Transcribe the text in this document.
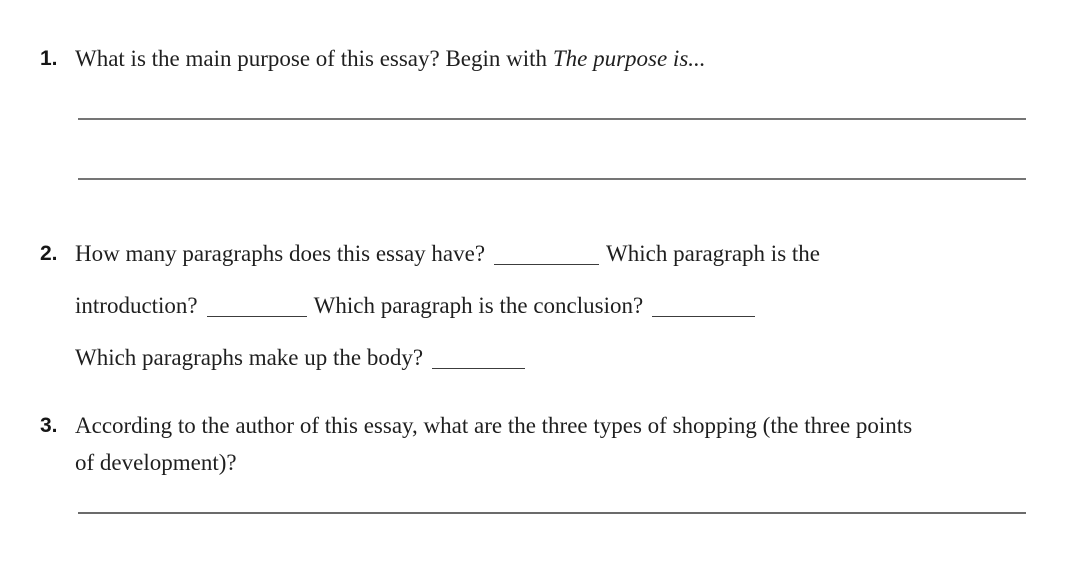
1. What is the main purpose of this essay? Begin with The purpose is...

2. How many paragraphs does this essay have?	Which paragraph is the

introduction?	Which paragraph is the conclusion?

Which paragraphs make up the body?

3. According to the author of this essay, what are the three types of shopping (the three points

of development)?
